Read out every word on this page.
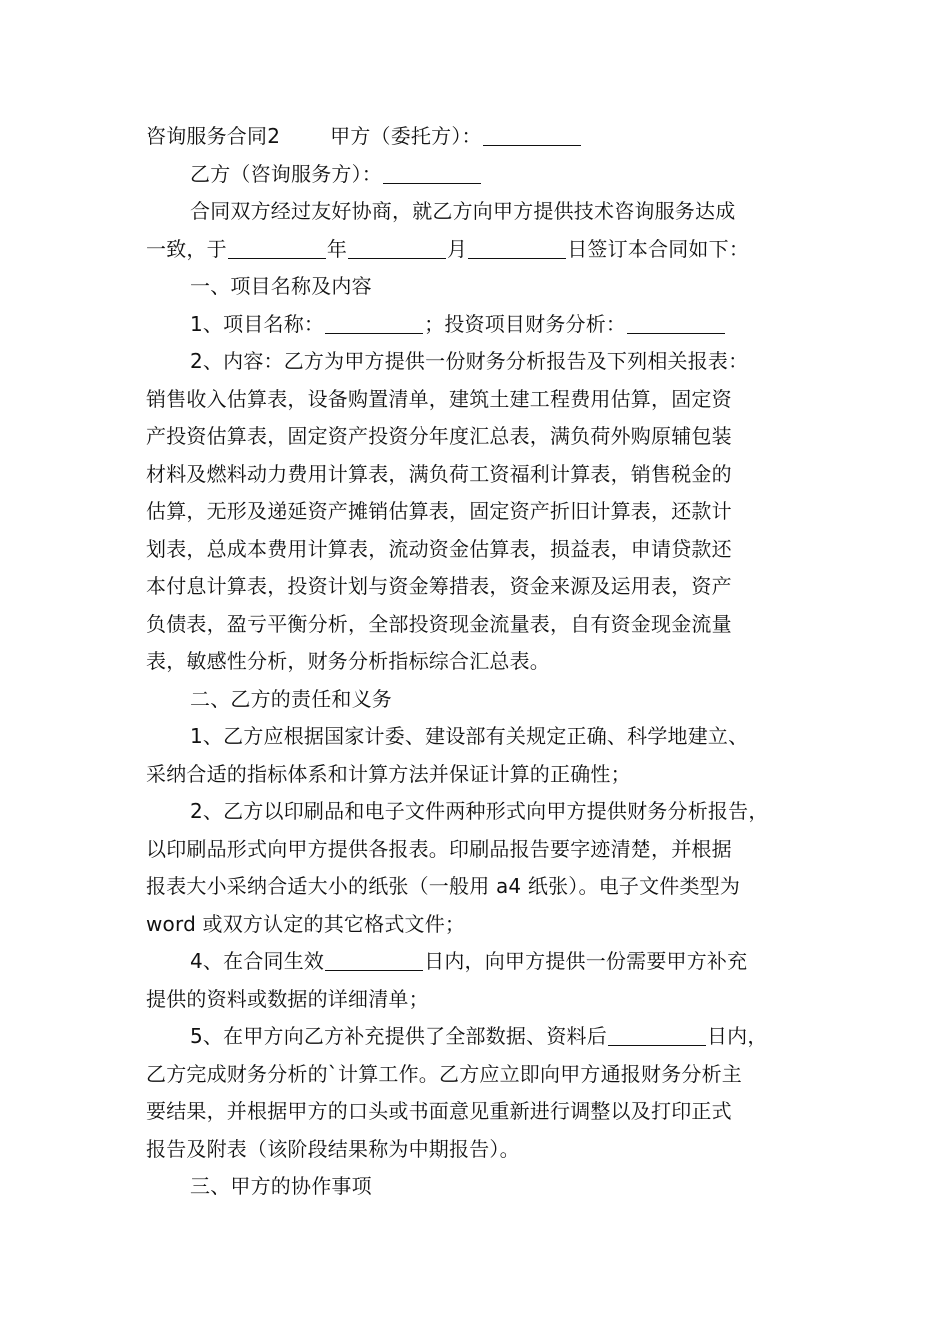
咨询服务合同2	甲方（委托方）：
乙方（咨询服务方）：
合同双方经过友好协商，就乙方向甲方提供技术咨询服务达成
一致，于	年	月	日签订本合同如下：
一、项目名称及内容
1、项目名称：	；投资项目财务分析：
2、内容：乙方为甲方提供一份财务分析报告及下列相关报表：
销售收入估算表，设备购置清单，建筑土建工程费用估算，固定资
产投资估算表，固定资产投资分年度汇总表，满负荷外购原辅包装
材料及燃料动力费用计算表，满负荷工资福利计算表，销售税金的
估算，无形及递延资产摊销估算表，固定资产折旧计算表，还款计
划表，总成本费用计算表，流动资金估算表，损益表，申请贷款还
本付息计算表，投资计划与资金筹措表，资金来源及运用表，资产
负债表，盈亏平衡分析，全部投资现金流量表，自有资金现金流量
表，敏感性分析，财务分析指标综合汇总表。
二、乙方的责任和义务
1、乙方应根据国家计委、建设部有关规定正确、科学地建立、
采纳合适的指标体系和计算方法并保证计算的正确性；
2、乙方以印刷品和电子文件两种形式向甲方提供财务分析报告，
以印刷品形式向甲方提供各报表。印刷品报告要字迹清楚，并根据
报表大小采纳合适大小的纸张（一般用 a4 纸张）。电子文件类型为
word 或双方认定的其它格式文件；
4、在合同生效	日内，向甲方提供一份需要甲方补充
提供的资料或数据的详细清单；
5、在甲方向乙方补充提供了全部数据、资料后	日内，
乙方完成财务分析的`计算工作。乙方应立即向甲方通报财务分析主
要结果，并根据甲方的口头或书面意见重新进行调整以及打印正式
报告及附表（该阶段结果称为中期报告）。
三、甲方的协作事项
